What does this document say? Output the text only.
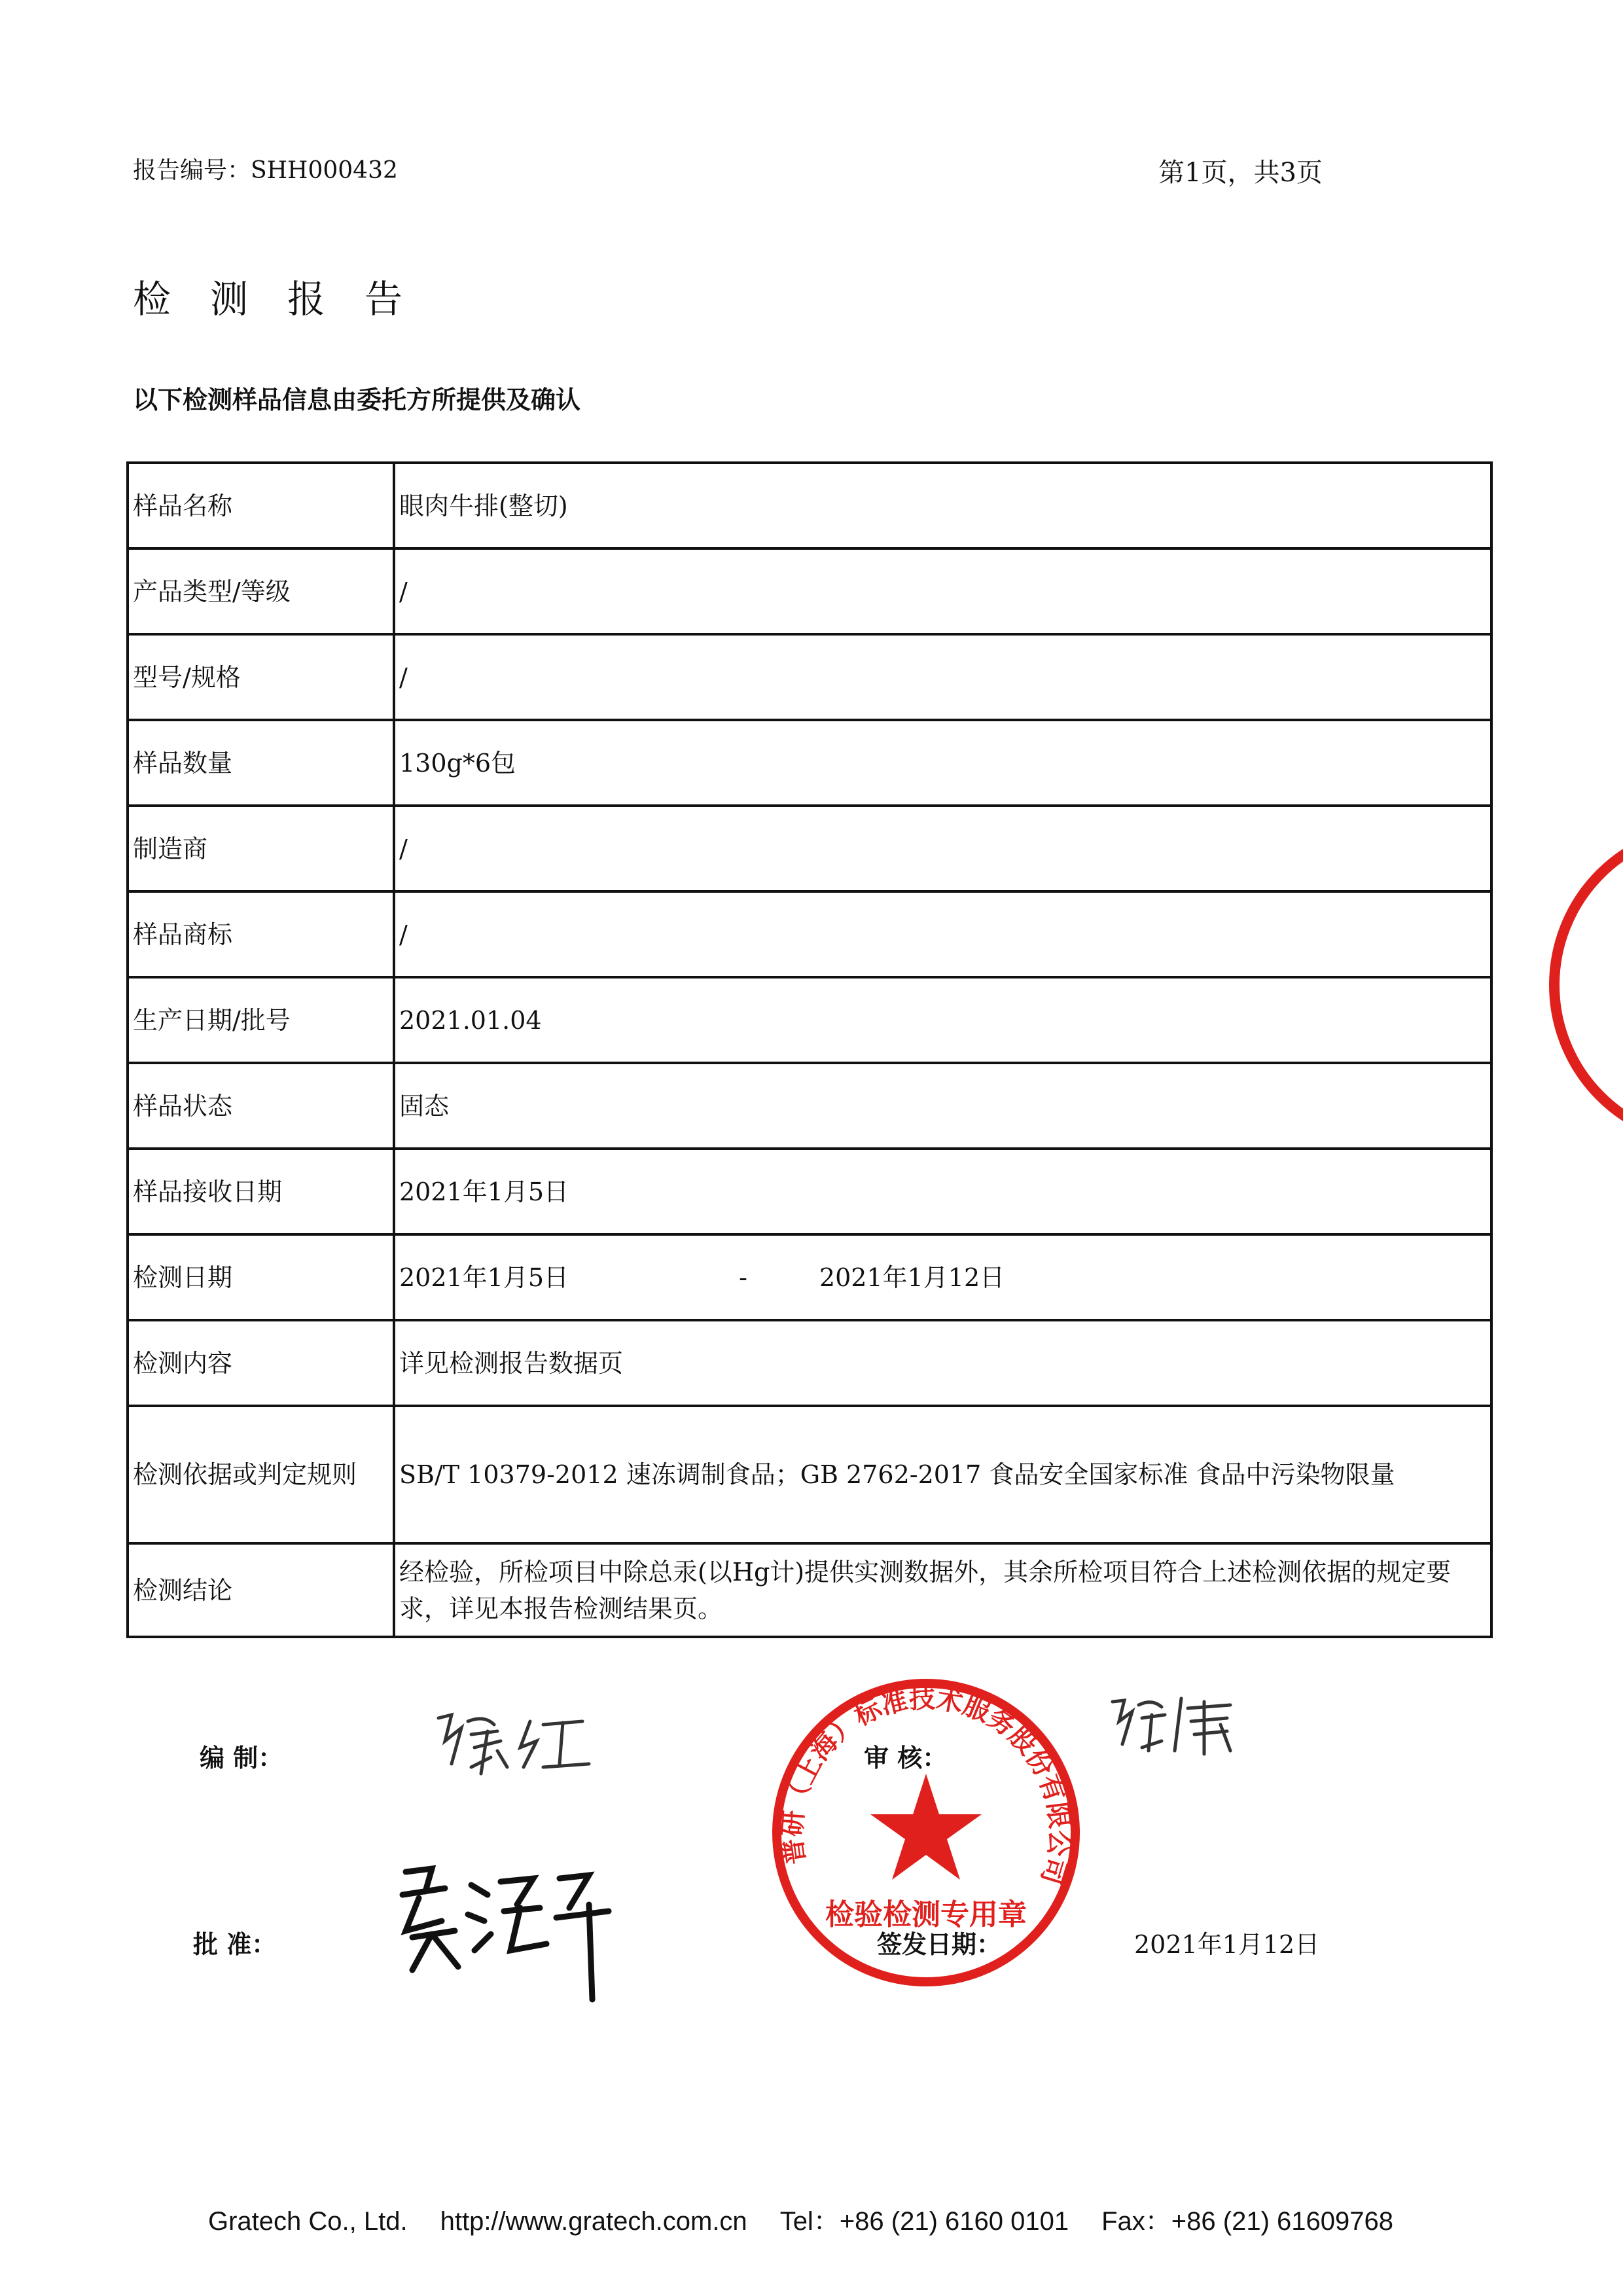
报告编号：SHH000432	第1页，共3页
检测报告
以下检测样品信息由委托方所提供及确认
样品名称	眼肉牛排(整切)
产品类型/等级	/
型号/规格	/
样品数量	130g*6包
制造商	/
样品商标	/
生产日期/批号	2021.01.04
样品状态	固态
样品接收日期	2021年1月5日
检测日期	2021年1月5日 - 2021年1月12日
检测内容	详见检测报告数据页
检测依据或判定规则	SB/T 10379-2012 速冻调制食品；GB 2762-2017 食品安全国家标准 食品中污染物限量
检测结论	经检验，所检项目中除总汞(以Hg计)提供实测数据外，其余所检项目符合上述检测依据的规定要求，详见本报告检测结果页。
编 制：	审 核：
批 准：
普研（上海）标准技术服务股份有限公司
检验检测专用章
签发日期：	2021年1月12日
Gratech Co., Ltd. http://www.gratech.com.cn Tel：+86 (21) 6160 0101 Fax：+86 (21) 61609768
